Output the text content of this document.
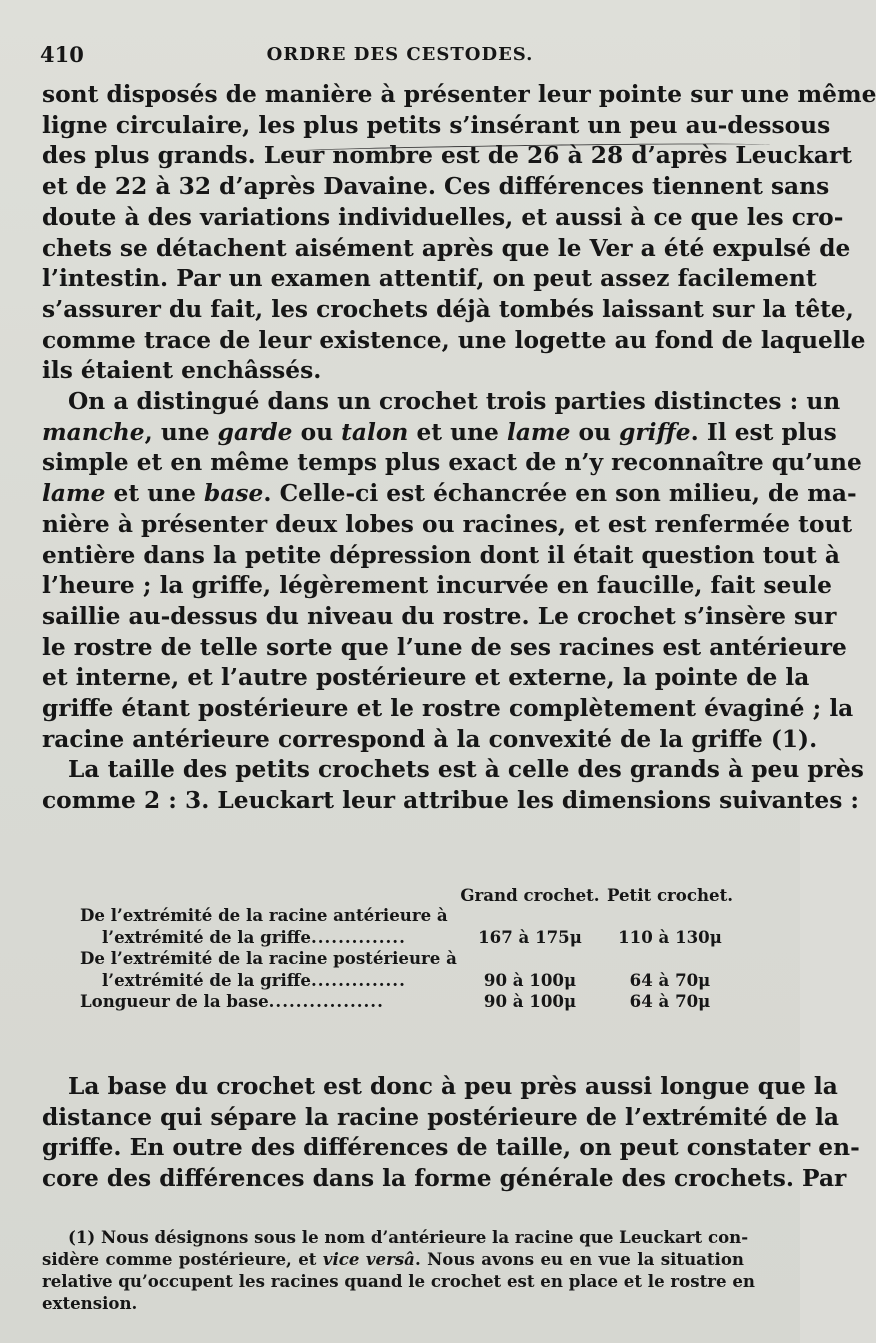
410	ORDRE DES CESTODES.

sont disposés de manière à présenter leur pointe sur une même
ligne circulaire, les plus petits s’insérant un peu au-dessous
des plus grands. Leur nombre est de 26 à 28 d’après Leuckart
et de 22 à 32 d’après Davaine. Ces différences tiennent sans
doute à des variations individuelles, et aussi à ce que les cro-
chets se détachent aisément après que le Ver a été expulsé de
l’intestin. Par un examen attentif, on peut assez facilement
s’assurer du fait, les crochets déjà tombés laissant sur la tête,
comme trace de leur existence, une logette au fond de laquelle
ils étaient enchâssés.

On a distingué dans un crochet trois parties distinctes : un
manche, une garde ou talon et une lame ou griffe. Il est plus
simple et en même temps plus exact de n’y reconnaître qu’une
lame et une base. Celle-ci est échancrée en son milieu, de ma-
nière à présenter deux lobes ou racines, et est renfermée tout
entière dans la petite dépression dont il était question tout à
l’heure ; la griffe, légèrement incurvée en faucille, fait seule
saillie au-dessus du niveau du rostre. Le crochet s’insère sur
le rostre de telle sorte que l’une de ses racines est antérieure
et interne, et l’autre postérieure et externe, la pointe de la
griffe étant postérieure et le rostre complètement évaginé ; la
racine antérieure correspond à la convexité de la griffe (1).

La taille des petits crochets est à celle des grands à peu près
comme 2 : 3. Leuckart leur attribue les dimensions suivantes :

	Grand crochet.	Petit crochet.
De l’extrémité de la racine antérieure à		
l’extrémité de la griffe..............	167 à 175μ	110 à 130μ
De l’extrémité de la racine postérieure à		
l’extrémité de la griffe..............	90 à 100μ	64 à 70μ
Longueur de la base.................	90 à 100μ	64 à 70μ
La base du crochet est donc à peu près aussi longue que la
distance qui sépare la racine postérieure de l’extrémité de la
griffe. En outre des différences de taille, on peut constater en-
core des différences dans la forme générale des crochets. Par
(1) Nous désignons sous le nom d’antérieure la racine que Leuckart con-
sidère comme postérieure, et vice versâ. Nous avons eu en vue la situation
relative qu’occupent les racines quand le crochet est en place et le rostre en
extension.
